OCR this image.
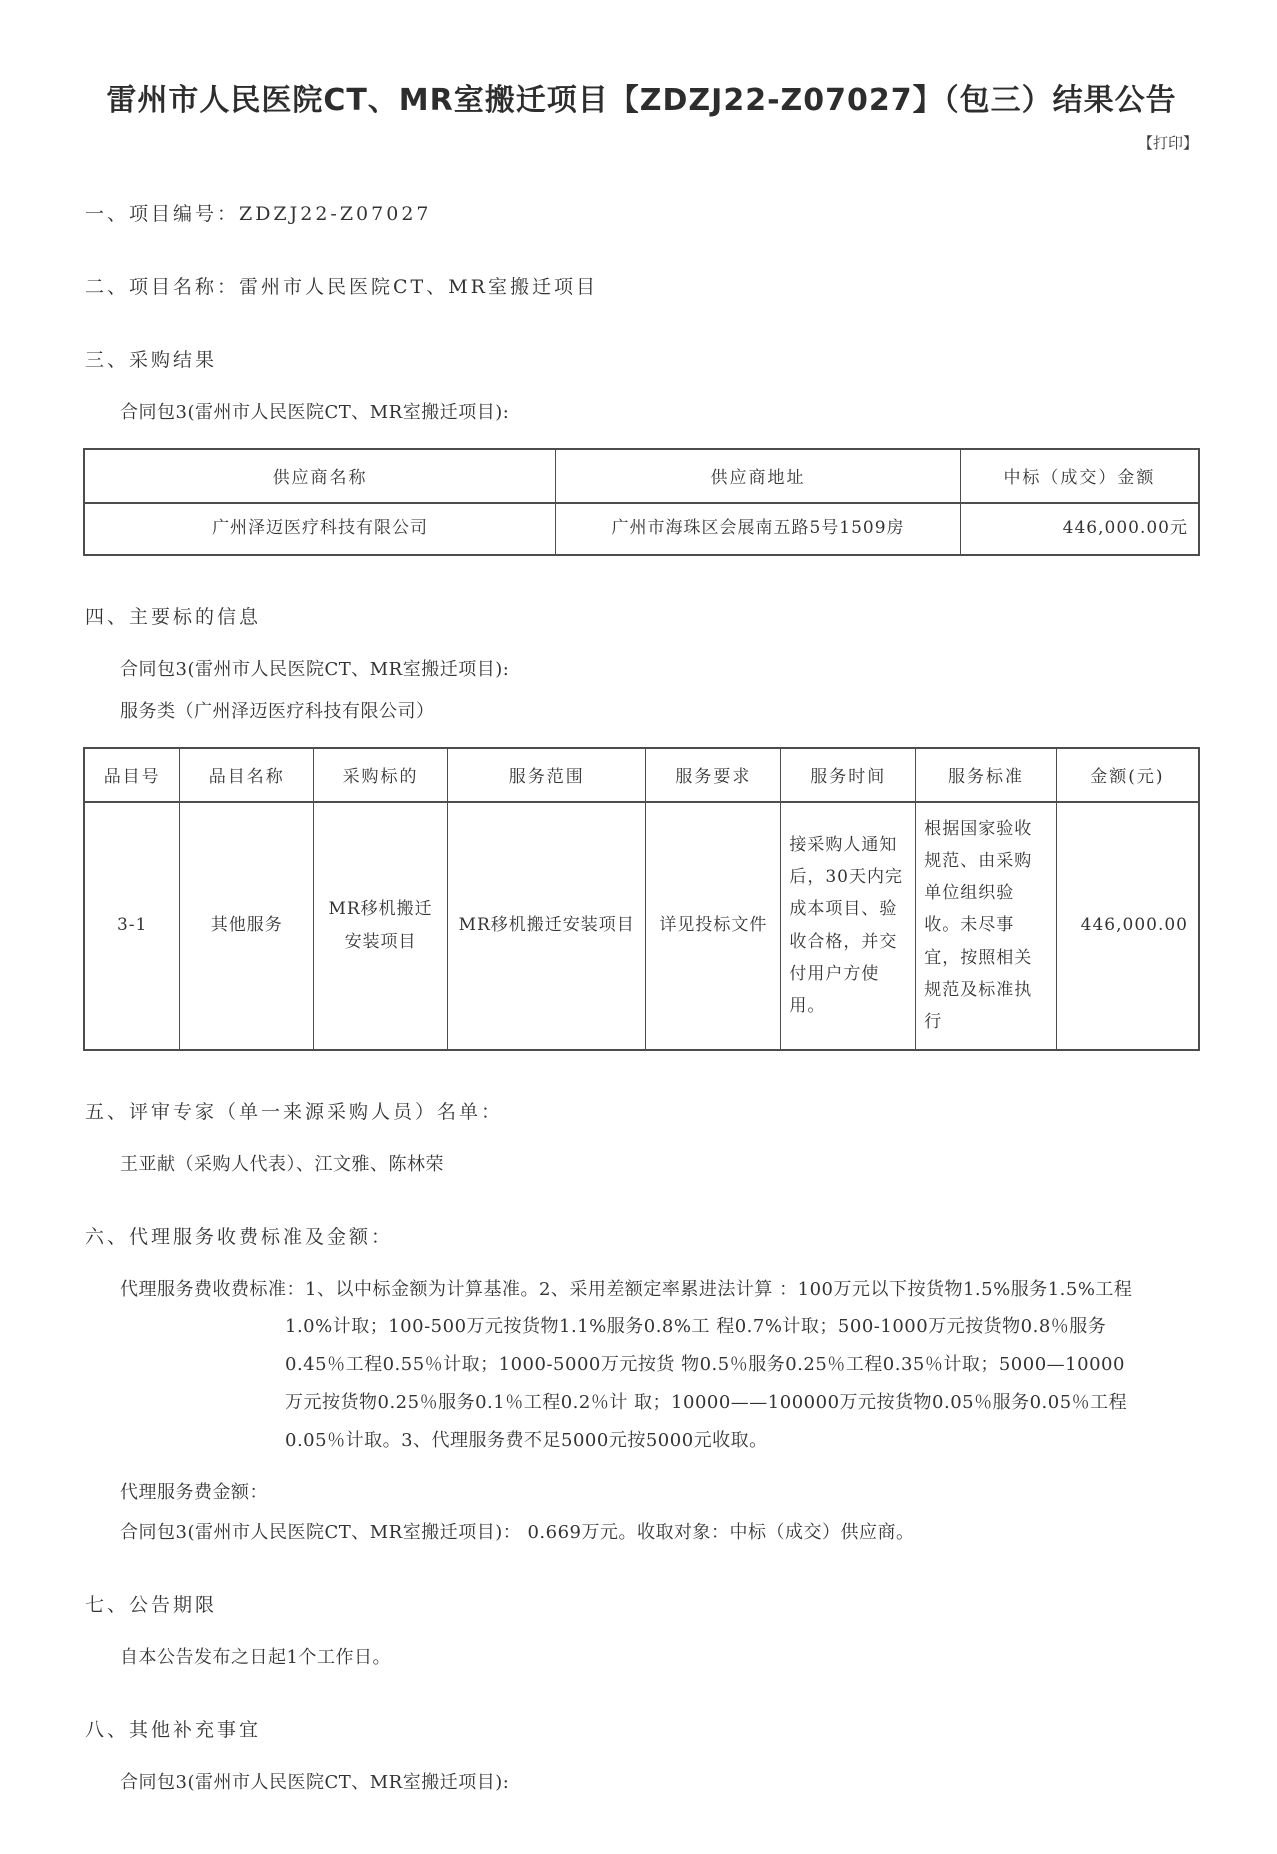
雷州市人民医院CT、MR室搬迁项目【ZDZJ22-Z07027】（包三）结果公告
【打印】
一、项目编号：ZDZJ22-Z07027
二、项目名称：雷州市人民医院CT、MR室搬迁项目
三、采购结果
合同包3(雷州市人民医院CT、MR室搬迁项目):
供应商名称	供应商地址	中标（成交）金额
广州泽迈医疗科技有限公司	广州市海珠区会展南五路5号1509房	446,000.00元
四、主要标的信息
合同包3(雷州市人民医院CT、MR室搬迁项目):
服务类（广州泽迈医疗科技有限公司）
品目号	品目名称	采购标的	服务范围	服务要求	服务时间	服务标准	金额(元)
3-1	其他服务	MR移机搬迁安装项目	MR移机搬迁安装项目	详见投标文件	接采购人通知后，30天内完成本项目、验收合格，并交付用户方使用。	根据国家验收规范、由采购单位组织验收。未尽事宜，按照相关规范及标准执行	446,000.00
五、评审专家（单一来源采购人员）名单：
王亚献（采购人代表）、江文雅、陈林荣
六、代理服务收费标准及金额：
代理服务费收费标准：1、以中标金额为计算基准。2、采用差额定率累进法计算 ：100万元以下按货物1.5%服务1.5%工程1.0%计取；100-500万元按货物1.1%服务0.8%工 程0.7%计取；500-1000万元按货物0.8％服务0.45％工程0.55％计取；1000-5000万元按货 物0.5％服务0.25％工程0.35％计取；5000—10000万元按货物0.25％服务0.1％工程0.2％计 取；10000——100000万元按货物0.05％服务0.05％工程0.05％计取。3、代理服务费不足5000元按5000元收取。
代理服务费金额：
合同包3(雷州市人民医院CT、MR室搬迁项目)： 0.669万元。收取对象：中标（成交）供应商。
七、公告期限
自本公告发布之日起1个工作日。
八、其他补充事宜
合同包3(雷州市人民医院CT、MR室搬迁项目):
